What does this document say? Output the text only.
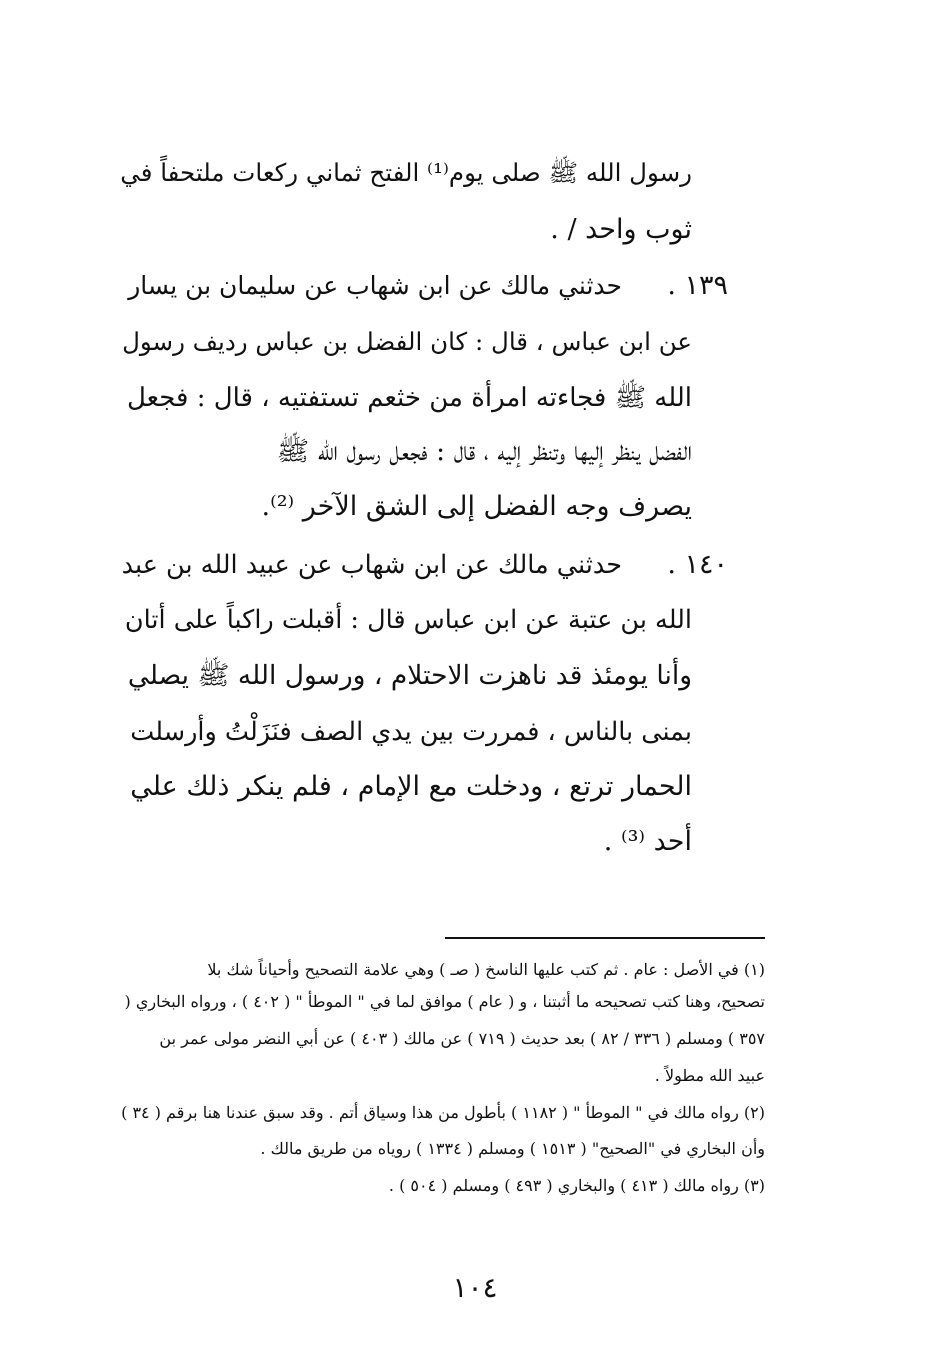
رسول الله ﷺ صلى يوم⁽¹⁾ الفتح ثماني ركعات ملتحفاً في
ثوب واحد / .
١٣٩ .
حدثني مالك عن ابن شهاب عن سليمان بن يسار
عن ابن عباس ، قال : كان الفضل بن عباس رديف رسول
الله ﷺ فجاءته امرأة من خثعم تستفتيه ، قال : فجعل
الفضل ينظر إليها وتنظر إليه ، قال : فجعل رسول الله ﷺ
يصرف وجه الفضل إلى الشق الآخر ⁽²⁾.
١٤٠ .
حدثني مالك عن ابن شهاب عن عبيد الله بن عبد
الله بن عتبة عن ابن عباس قال : أقبلت راكباً على أتان
وأنا يومئذ قد ناهزت الاحتلام ، ورسول الله ﷺ يصلي
بمنى بالناس ، فمررت بين يدي الصف فنَزَلْتُ وأرسلت
الحمار ترتع ، ودخلت مع الإمام ، فلم ينكر ذلك علي
أحد ⁽³⁾ .
(١) في الأصل : عام . ثم كتب عليها الناسخ ( صـ ) وهي علامة التصحيح وأحياناً شك بلا
تصحيح، وهنا كتب تصحيحه ما أثبتنا ، و ( عام ) موافق لما في " الموطأ " ( ٤٠٢ ) ، ورواه البخاري (
٣٥٧ ) ومسلم ( ٣٣٦ / ٨٢ ) بعد حديث ( ٧١٩ ) عن مالك ( ٤٠٣ ) عن أبي النضر مولى عمر بن
عبيد الله مطولاً .
(٢) رواه مالك في " الموطأ " ( ١١٨٢ ) بأطول من هذا وسياق أتم . وقد سبق عندنا هنا برقم ( ٣٤ )
وأن البخاري في "الصحيح" ( ١٥١٣ ) ومسلم ( ١٣٣٤ ) روياه من طريق مالك .
(٣) رواه مالك ( ٤١٣ ) والبخاري ( ٤٩٣ ) ومسلم ( ٥٠٤ ) .
١٠٤
